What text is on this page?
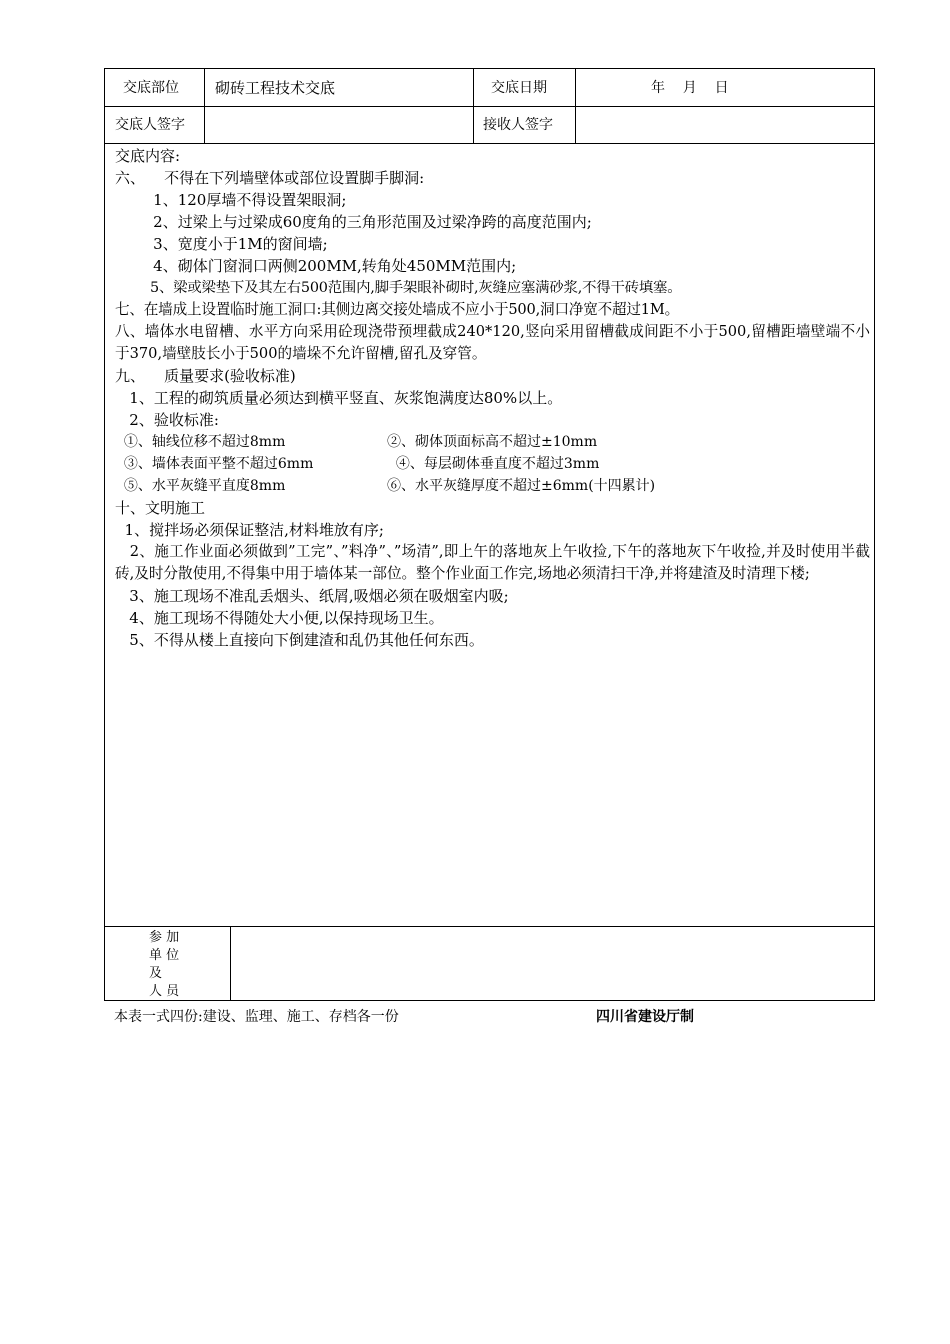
交底部位 砌砖工程技术交底	交底日期	年    月    日
交底人签字	接收人签字
交底内容:
六、    不得在下列墙壁体或部位设置脚手脚洞:
1、120厚墙不得设置架眼洞;
2、过梁上与过梁成60度角的三角形范围及过梁净跨的高度范围内;
3、宽度小于1M的窗间墙;
4、砌体门窗洞口两侧200MM,转角处450MM范围内;
5、梁或梁垫下及其左右500范围内,脚手架眼补砌时,灰缝应塞满砂浆,不得干砖填塞。
七、在墙成上设置临时施工洞口:其侧边离交接处墙成不应小于500,洞口净宽不超过1M。
八、墙体水电留槽、水平方向采用砼现浇带预埋截成240*120,竖向采用留槽截成间距不小于500,留槽距墙壁端不小于370,墙壁肢长小于500的墙垛不允许留槽,留孔及穿管。
九、    质量要求(验收标准)
1、工程的砌筑质量必须达到横平竖直、灰浆饱满度达80%以上。
2、验收标准:
①、轴线位移不超过8mm	②、砌体顶面标高不超过±10mm
③、墙体表面平整不超过6mm	④、每层砌体垂直度不超过3mm
⑤、水平灰缝平直度8mm	⑥、水平灰缝厚度不超过±6mm(十四累计)
十、文明施工
1、搅拌场必须保证整洁,材料堆放有序;
2、施工作业面必须做到”工完”、”料净”、”场清”,即上午的落地灰上午收捡,下午的落地灰下午收捡,并及时使用半截砖,及时分散使用,不得集中用于墙体某一部位。整个作业面工作完,场地必须清扫干净,并将建渣及时清理下楼;
3、施工现场不准乱丢烟头、纸屑,吸烟必须在吸烟室内吸;
4、施工现场不得随处大小便,以保持现场卫生。
5、不得从楼上直接向下倒建渣和乱仍其他任何东西。
参 加
单 位
及
人 员
本表一式四份:建设、监理、施工、存档各一份	四川省建设厅制
